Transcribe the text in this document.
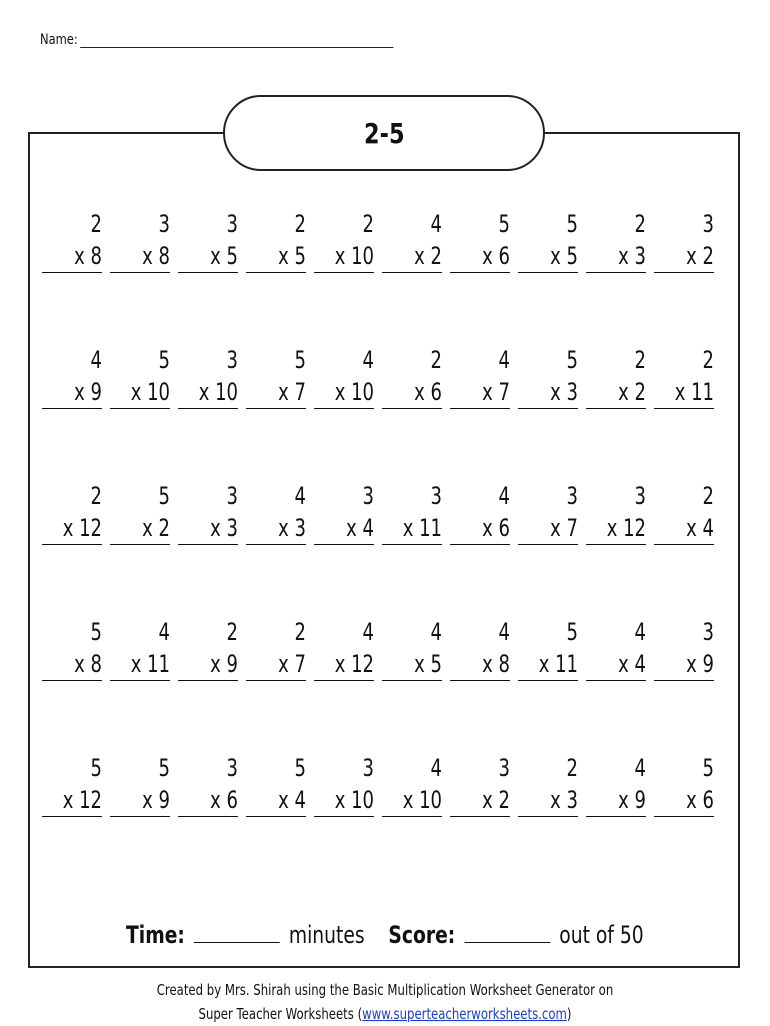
Name:
2-5
2
x 8
3
x 8
3
x 5
2
x 5
2
x 10
4
x 2
5
x 6
5
x 5
2
x 3
3
x 2
4
x 9
5
x 10
3
x 10
5
x 7
4
x 10
2
x 6
4
x 7
5
x 3
2
x 2
2
x 11
2
x 12
5
x 2
3
x 3
4
x 3
3
x 4
3
x 11
4
x 6
3
x 7
3
x 12
2
x 4
5
x 8
4
x 11
2
x 9
2
x 7
4
x 12
4
x 5
4
x 8
5
x 11
4
x 4
3
x 9
5
x 12
5
x 9
3
x 6
5
x 4
3
x 10
4
x 10
3
x 2
2
x 3
4
x 9
5
x 6
Time:	minutes Score:	out of 50
Created by Mrs. Shirah using the Basic Multiplication Worksheet Generator on
Super Teacher Worksheets (www.superteacherworksheets.com)
